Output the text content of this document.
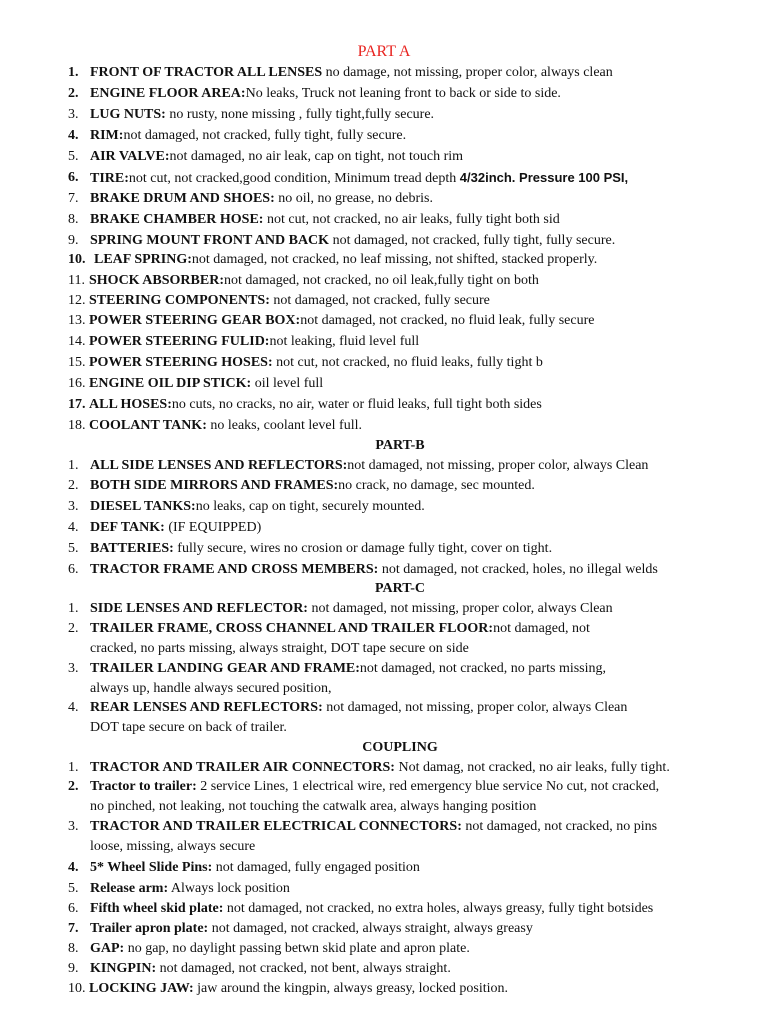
PART A
1. FRONT OF TRACTOR ALL LENSES no damage, not missing, proper color, always clean
2. ENGINE FLOOR AREA:No leaks, Truck not leaning front to back or side to side.
3. LUG NUTS: no rusty, none missing , fully tight,fully secure.
4. RIM:not damaged, not cracked, fully tight, fully secure.
5. AIR VALVE:not damaged, no air leak, cap on tight, not touch rim
6. TIRE:not cut, not cracked,good condition, Minimum tread depth 4/32inch. Pressure 100 PSI,
7. BRAKE DRUM AND SHOES: no oil, no grease, no debris.
8. BRAKE CHAMBER HOSE: not cut, not cracked, no air leaks, fully tight both sid
9. SPRING MOUNT FRONT AND BACK not damaged, not cracked, fully tight, fully secure.
10. LEAF SPRING:not damaged, not cracked, no leaf missing, not shifted, stacked properly.
11. SHOCK ABSORBER:not damaged, not cracked, no oil leak,fully tight on both
12. STEERING COMPONENTS: not damaged, not cracked, fully secure
13. POWER STEERING GEAR BOX:not damaged, not cracked, no fluid leak, fully secure
14. POWER STEERING FULID:not leaking, fluid level full
15. POWER STEERING HOSES: not cut, not cracked, no fluid leaks, fully tight b
16. ENGINE OIL DIP STICK: oil level full
17. ALL HOSES:no cuts, no cracks, no air, water or fluid leaks, full tight both sides
18. COOLANT TANK: no leaks, coolant level full.
PART-B
1. ALL SIDE LENSES AND REFLECTORS:not damaged, not missing, proper color, always Clean
2. BOTH SIDE MIRRORS AND FRAMES:no crack, no damage, sec mounted.
3. DIESEL TANKS:no leaks, cap on tight, securely mounted.
4. DEF TANK: (IF EQUIPPED)
5. BATTERIES: fully secure, wires no crosion or damage fully tight, cover on tight.
6. TRACTOR FRAME AND CROSS MEMBERS: not damaged, not cracked, holes, no illegal welds
PART-C
1. SIDE LENSES AND REFLECTOR: not damaged, not missing, proper color, always Clean
2. TRAILER FRAME, CROSS CHANNEL AND TRAILER FLOOR:not damaged, not
cracked, no parts missing, always straight, DOT tape secure on side
3. TRAILER LANDING GEAR AND FRAME:not damaged, not cracked, no parts missing,
always up, handle always secured position,
4. REAR LENSES AND REFLECTORS: not damaged, not missing, proper color, always Clean
DOT tape secure on back of trailer.
COUPLING
1. TRACTOR AND TRAILER AIR CONNECTORS: Not damag, not cracked, no air leaks, fully tight.
2. Tractor to trailer: 2 service Lines, 1 electrical wire, red emergency blue service No cut, not cracked,
no pinched, not leaking, not touching the catwalk area, always hanging position
3. TRACTOR AND TRAILER ELECTRICAL CONNECTORS: not damaged, not cracked, no pins
loose, missing, always secure
4. 5* Wheel Slide Pins: not damaged, fully engaged position
5. Release arm: Always lock position
6. Fifth wheel skid plate: not damaged, not cracked, no extra holes, always greasy, fully tight botsides
7. Trailer apron plate: not damaged, not cracked, always straight, always greasy
8. GAP: no gap, no daylight passing betwn skid plate and apron plate.
9. KINGPIN: not damaged, not cracked, not bent, always straight.
10. LOCKING JAW: jaw around the kingpin, always greasy, locked position.
